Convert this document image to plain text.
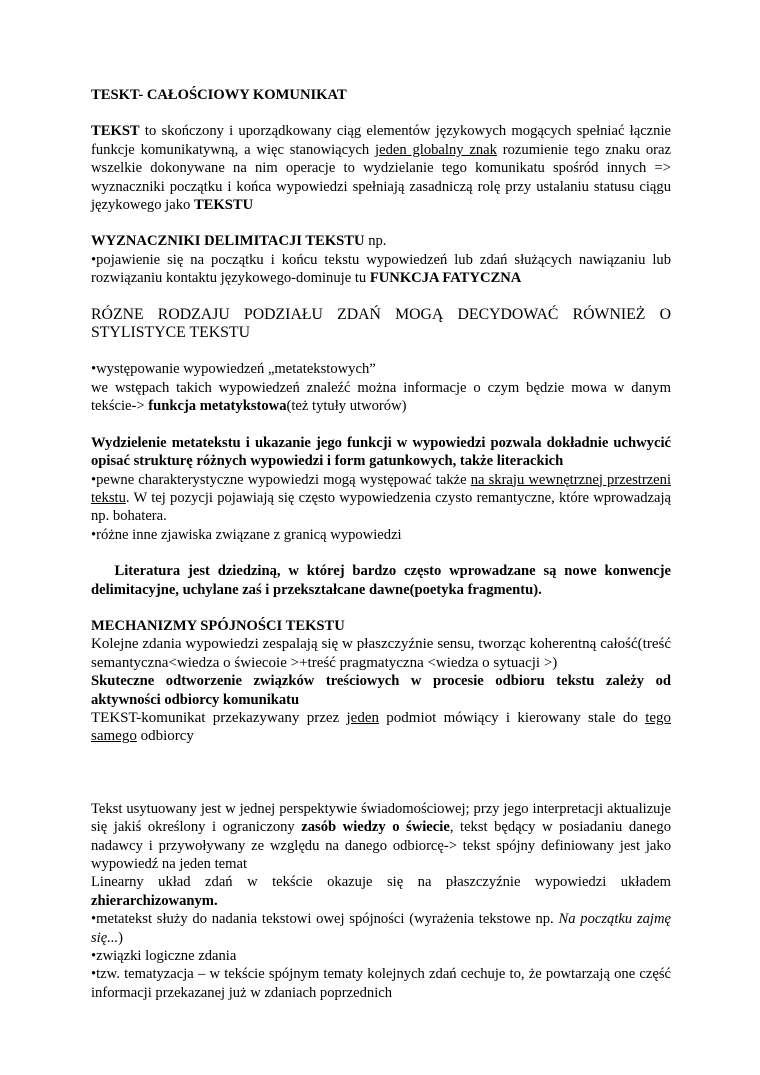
TESKT- CAŁOŚCIOWY KOMUNIKAT

TEKST to skończony i uporządkowany ciąg elementów językowych mogących spełniać łącznie funkcje komunikatywną, a więc stanowiących jeden globalny znak rozumienie tego znaku oraz wszelkie dokonywane na nim operacje to wydzielanie tego komunikatu spośród innych => wyznaczniki początku i końca wypowiedzi spełniają zasadniczą rolę przy ustalaniu statusu ciągu językowego jako TEKSTU

WYZNACZNIKI DELIMITACJI TEKSTU np.

•pojawienie się na początku i końcu tekstu wypowiedzeń lub zdań służących nawiązaniu lub rozwiązaniu kontaktu językowego-dominuje tu FUNKCJA FATYCZNA

RÓZNE RODZAJU PODZIAŁU ZDAŃ MOGĄ DECYDOWAĆ RÓWNIEŻ O STYLISTYCE TEKSTU

•występowanie wypowiedzeń „metatekstowych”

we wstępach takich wypowiedzeń znaleźć można informacje o czym będzie mowa w danym tekście-> funkcja metatykstowa(też tytuły utworów)

Wydzielenie metatekstu i ukazanie jego funkcji w wypowiedzi pozwala dokładnie uchwycić opisać strukturę różnych wypowiedzi i form gatunkowych, także literackich

•pewne charakterystyczne wypowiedzi mogą występować także na skraju wewnętrznej przestrzeni tekstu. W tej pozycji pojawiają się często wypowiedzenia czysto remantyczne, które wprowadzają np. bohatera.

•różne inne zjawiska związane z granicą wypowiedzi

Literatura jest dziedziną, w której bardzo często wprowadzane są nowe konwencje delimitacyjne, uchylane zaś i przekształcane dawne(poetyka fragmentu).

MECHANIZMY SPÓJNOŚCI TEKSTU

Kolejne zdania wypowiedzi zespalają się w płaszczyźnie sensu, tworząc koherentną całość(treść semantyczna<wiedza o świecoie >+treść pragmatyczna <wiedza o sytuacji >)

Skuteczne odtworzenie związków treściowych w procesie odbioru tekstu zależy od aktywności odbiorcy komunikatu

TEKST-komunikat przekazywany przez jeden podmiot mówiący i kierowany stale do tego samego odbiorcy

Tekst usytuowany jest w jednej perspektywie świadomościowej; przy jego interpretacji aktualizuje się jakiś określony i ograniczony zasób wiedzy o świecie, tekst będący w posiadaniu danego nadawcy i przywoływany ze względu na danego odbiorcę-> tekst spójny definiowany jest jako wypowiedź na jeden temat

Linearny układ zdań w tekście okazuje się na płaszczyźnie wypowiedzi układem zhierarchizowanym.

•metatekst służy do nadania tekstowi owej spójności (wyrażenia tekstowe np. Na początku zajmę się...)

•związki logiczne zdania

•tzw. tematyzacja – w tekście spójnym tematy kolejnych zdań cechuje to, że powtarzają one część informacji przekazanej już w zdaniach poprzednich
